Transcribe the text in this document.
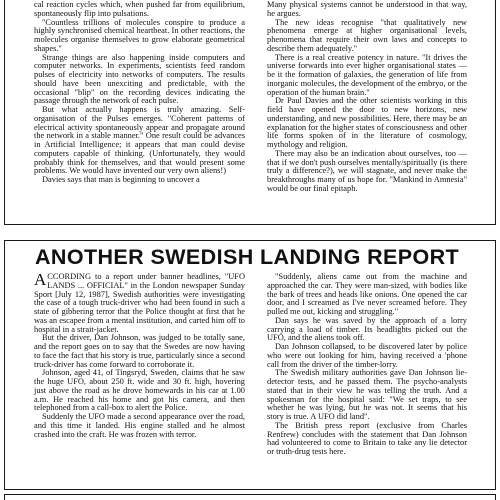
cal reaction cycles which, when pushed far from equilibrium, spontaneously flip into pulsations.

"Countless trillions of molecules conspire to produce a highly synchronised chemical heartbeat. In other reactions, the molecules organise themselves to grow elaborate geometrical shapes."

Strange things are also happening inside computers and computer networks. In experiments, scientists feed random pulses of electricity into networks of computers. The results should have been unexciting and predictable, with the occasional "blip" on the recording devices indicating the passage through the network of each pulse.

But what actually happens is truly amazing. Self-organisation of the Pulses emerges. "Coherent patterns of electrical activity spontaneously appear and propagate around the network in a stable manner." One result could be advances in Artificial Intelligence; it appears that man could devise computers capable of thinking. (Unfortunately, they would probably think for themselves, and that would present some problems. We would have invented our very own aliens!)

Davies says that man is beginning to uncover a

Many physical systems cannot be understood in that way, he argues.

The new ideas recognise "that qualitatively new phenomena emerge at higher organisational levels, phenomena that require their own laws and concepts to describe them adequately."

There is a real creative potency in nature. "It drives the universe forwards into ever higher organisational states — be it the formation of galaxies, the generation of life from inorganic molecules, the development of the embryo, or the operation of the human brain."

Dr Paul Davies and the other scientists working in this field have opened the door to new horizons, new understanding, and new possibilities. Here, there may be an explanation for the higher states of consciousness and other life forms spoken of in the literature of cosmology, mythology and religion.

There may also be an indication about ourselves, too — that if we don't push ourselves mentally/spiritually (is there truly a difference?), we will stagnate, and never make the breakthroughs many of us hope for. "Mankind in Amnesia" would be our final epitaph.

ANOTHER SWEDISH LANDING REPORT

ACCORDING to a report under banner headlines, "UFO LANDS ... OFFICIAL" in the London newspaper Sunday Sport [July 12, 1987], Swedish authorities were investigating the case of a tough truck-driver who had been found in such a state of gibbering terror that the Police thought at first that he was an escapee from a mental institution, and carted him off to hospital in a strait-jacket.

But the driver, Dan Johnson, was judged to be totally sane, and the report goes on to say that the Swedes are now having to face the fact that his story is true, particularly since a second truck-driver has come forward to corroborate it.

Johnson, aged 41, of Tingsryd, Sweden, claims that he saw the huge UFO, about 250 ft. wide and 30 ft. high, hovering just above the road as he drove homewards in his car at 1.00 a.m. He reached his home and got his camera, and then telephoned from a call-box to alert the Police.

Suddenly the UFO made a second appearance over the road, and this time it landed. His engine stalled and he almost crashed into the craft. He was frozen with terror.

"Suddenly, aliens came out from the machine and approached the car. They were man-sized, with bodies like the bark of trees and heads like onions. One opened the car door, and I screamed as I've never screamed before. They pulled me out, kicking and struggling."

Dan says he was saved by the approach of a lorry carrying a load of timber. Its headlights picked out the UFO, and the aliens took off.

Dan Johnson collapsed, to be discovered later by police who were out looking for him, having received a 'phone call from the driver of the timber-lorry.

The Swedish military authorities gave Dan Johnson lie-detector tests, and he passed them. The psycho-analysts stated that in their view he was telling the truth. And a spokesman for the hospital said: "We set traps, to see whether he was lying, but he was not. It seems that his story is true. A UFO did land".

The British press report (exclusive from Charles Renfrew) concludes with the statement that Dan Johnson had volunteered to come to Britain to take any lie detector or truth-drug tests here.
